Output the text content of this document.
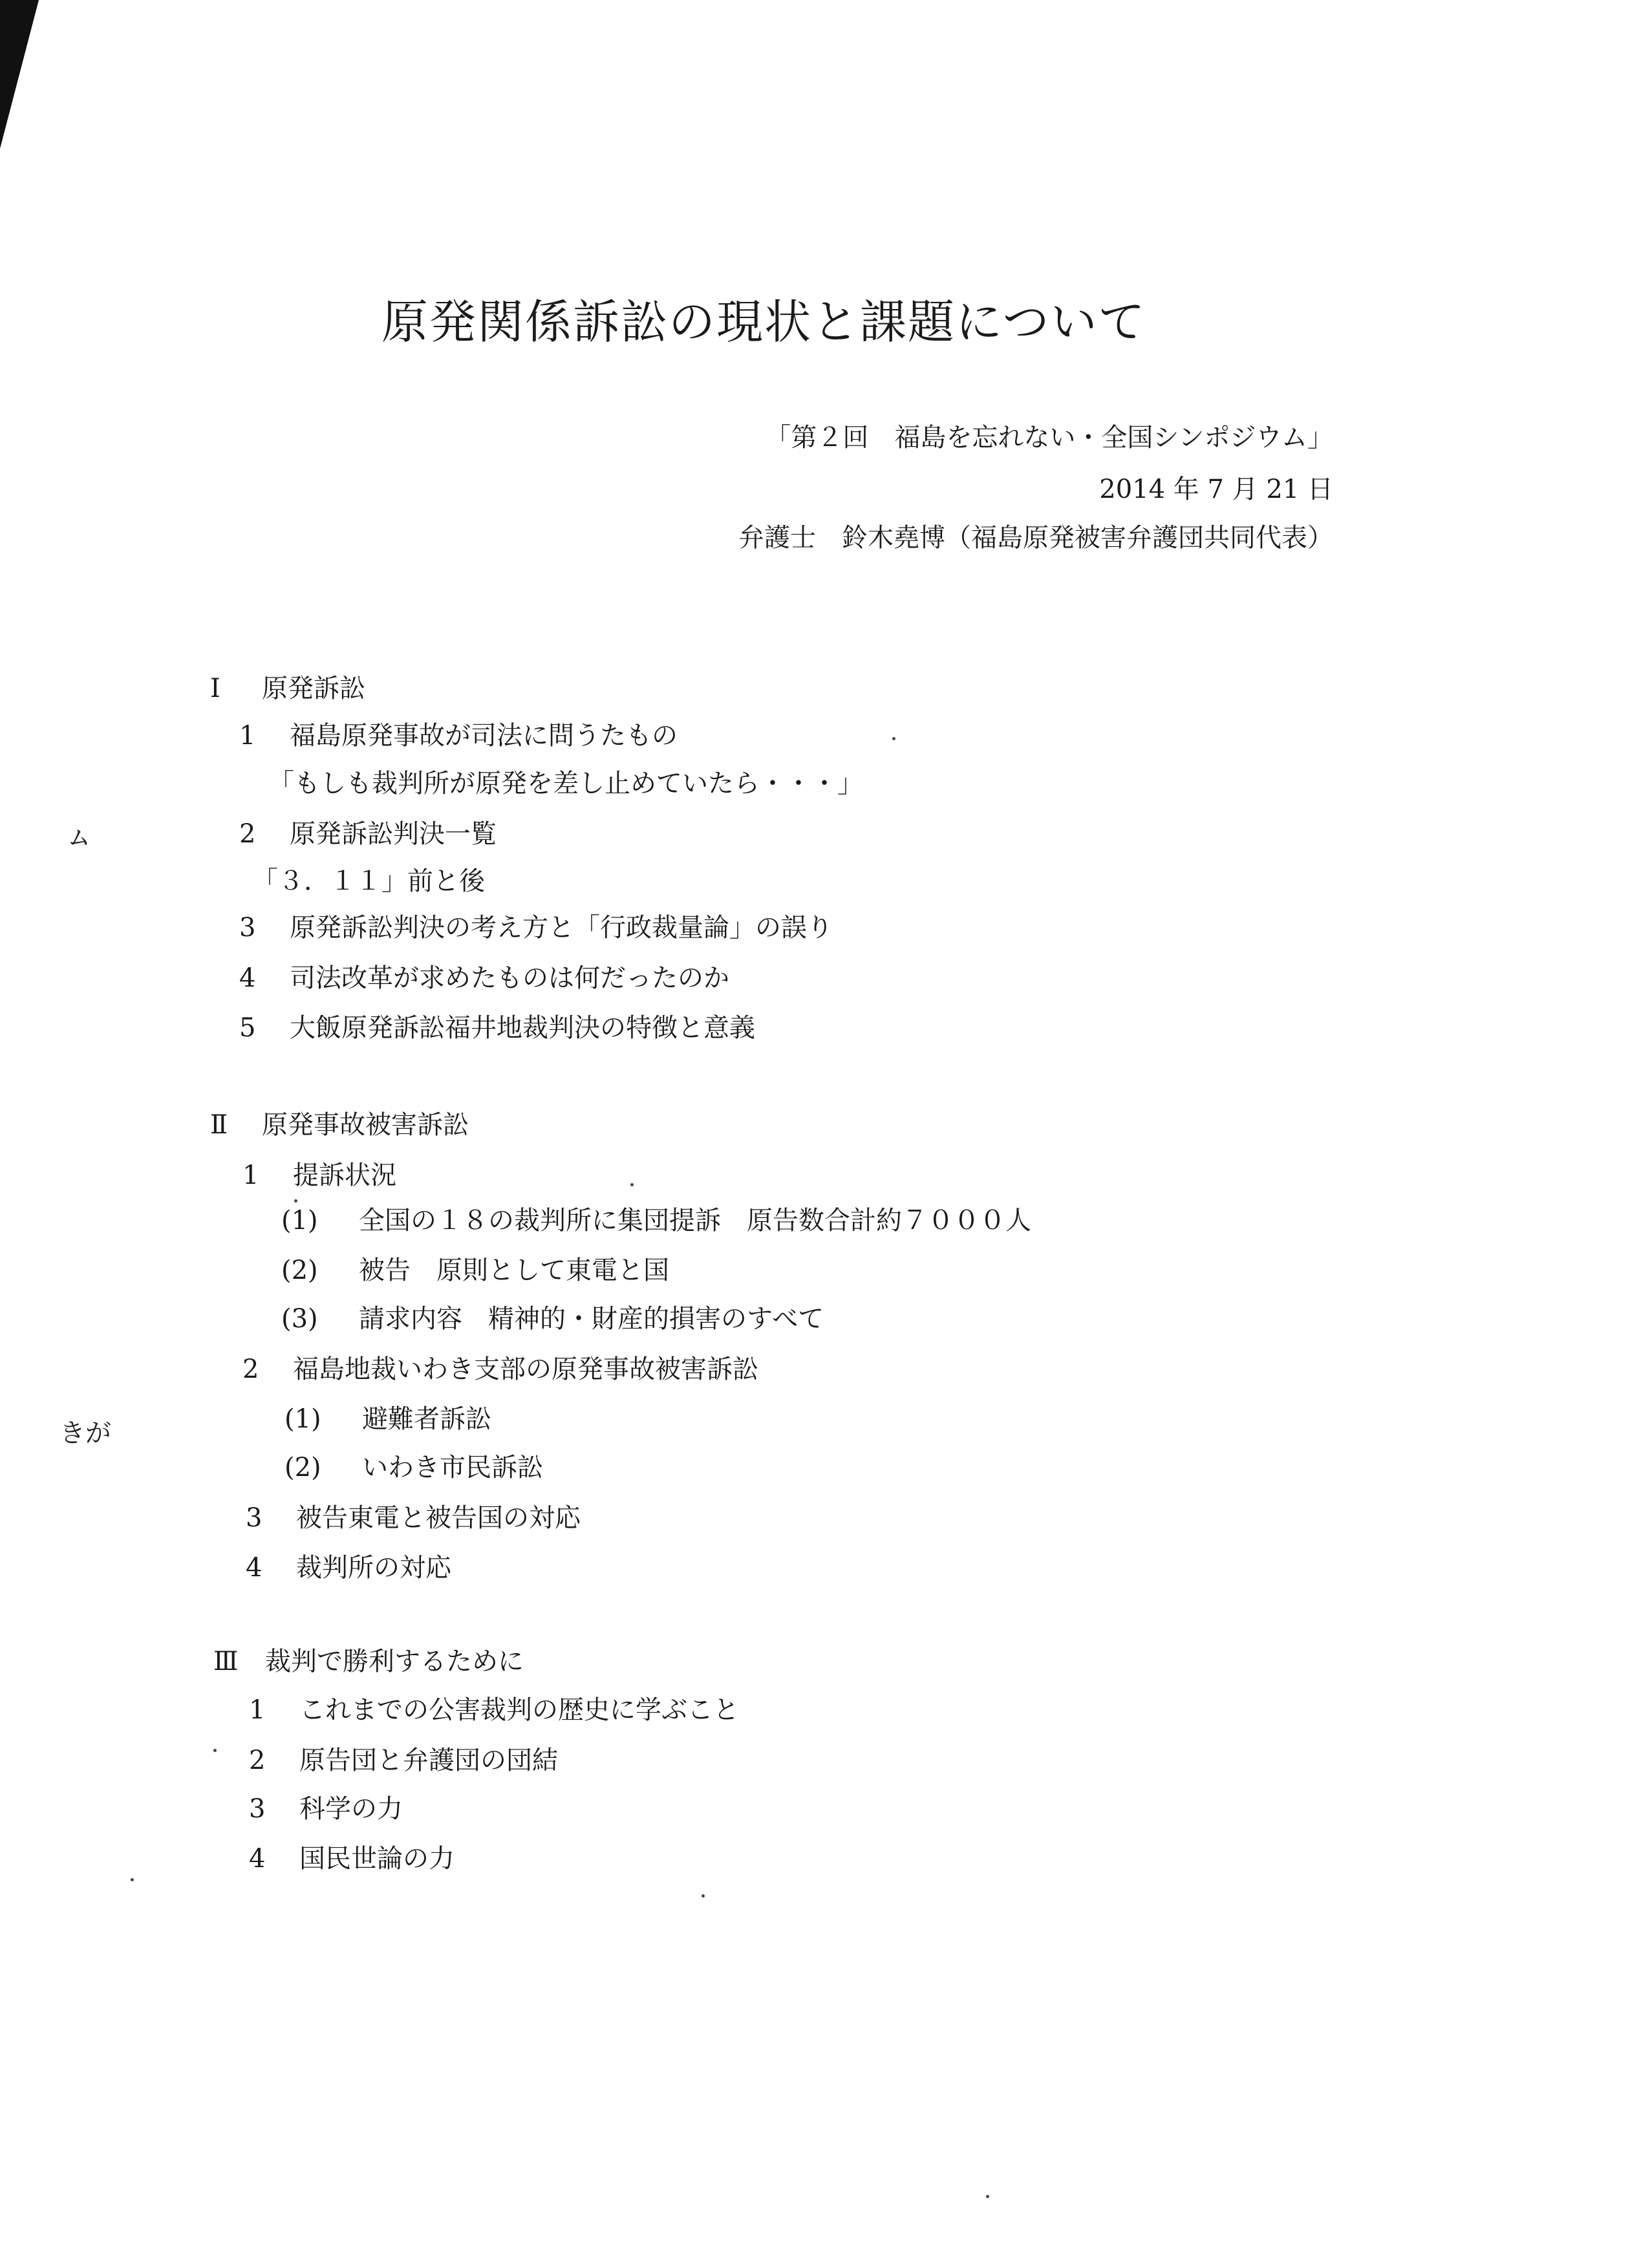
ㇺ
きが
原発関係訴訟の現状と課題について
「第２回　福島を忘れない・全国シンポジウム」
2014 年 7 月 21 日
弁護士　鈴木堯博（福島原発被害弁護団共同代表）
Ⅰ 原発訴訟
1 福島原発事故が司法に問うたもの
「もしも裁判所が原発を差し止めていたら・・・」
2 原発訴訟判決一覧
「３．１１」前と後
3 原発訴訟判決の考え方と「行政裁量論」の誤り
4 司法改革が求めたものは何だったのか
5 大飯原発訴訟福井地裁判決の特徴と意義
Ⅱ 原発事故被害訴訟
1 提訴状況
(1) 全国の１８の裁判所に集団提訴　原告数合計約７０００人
(2) 被告　原則として東電と国
(3) 請求内容　精神的・財産的損害のすべて
2 福島地裁いわき支部の原発事故被害訴訟
(1) 避難者訴訟
(2) いわき市民訴訟
3 被告東電と被告国の対応
4 裁判所の対応
Ⅲ 裁判で勝利するために
1 これまでの公害裁判の歴史に学ぶこと
2 原告団と弁護団の団結
3 科学の力
4 国民世論の力
